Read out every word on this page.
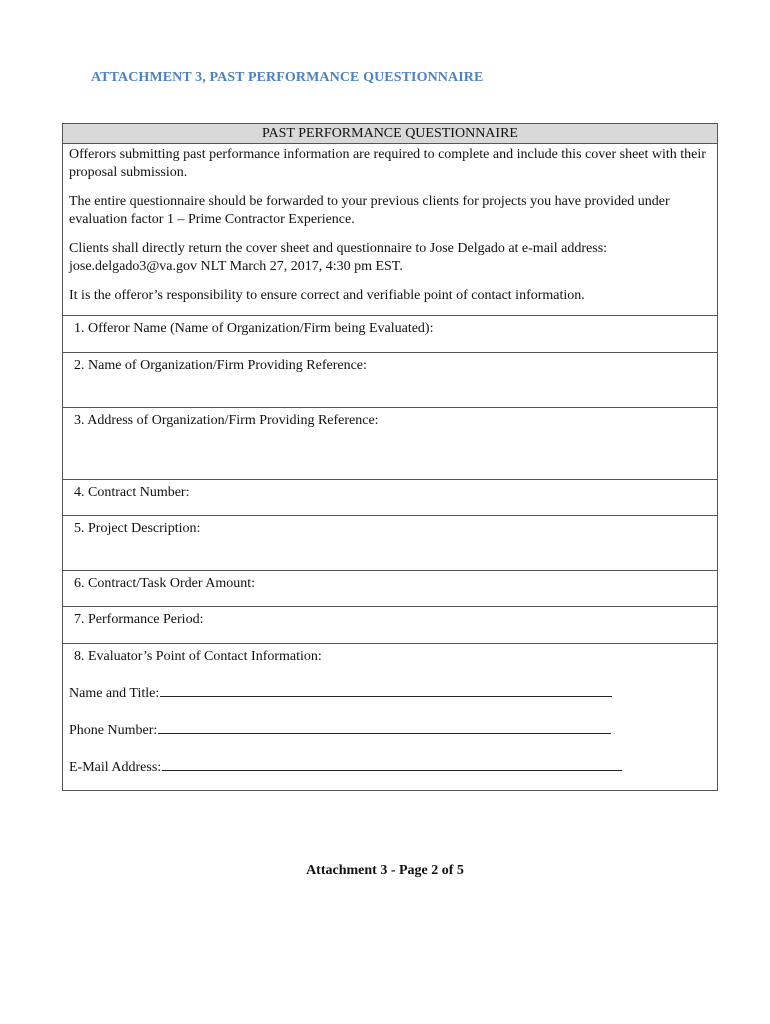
ATTACHMENT 3, PAST PERFORMANCE QUESTIONNAIRE
PAST PERFORMANCE QUESTIONNAIRE

Offerors submitting past performance information are required to complete and include this cover sheet with their proposal submission.

The entire questionnaire should be forwarded to your previous clients for projects you have provided under evaluation factor 1 – Prime Contractor Experience.

Clients shall directly return the cover sheet and questionnaire to Jose Delgado at e-mail address: jose.delgado3@va.gov NLT March 27, 2017, 4:30 pm EST.

It is the offeror’s responsibility to ensure correct and verifiable point of contact information.

1. Offeror Name (Name of Organization/Firm being Evaluated):
2. Name of Organization/Firm Providing Reference:
3. Address of Organization/Firm Providing Reference:
4. Contract Number:
5. Project Description:
6. Contract/Task Order Amount:
7. Performance Period:
8. Evaluator’s Point of Contact Information:
Name and Title:
Phone Number:
E-Mail Address:
Attachment 3 - Page 2 of 5
